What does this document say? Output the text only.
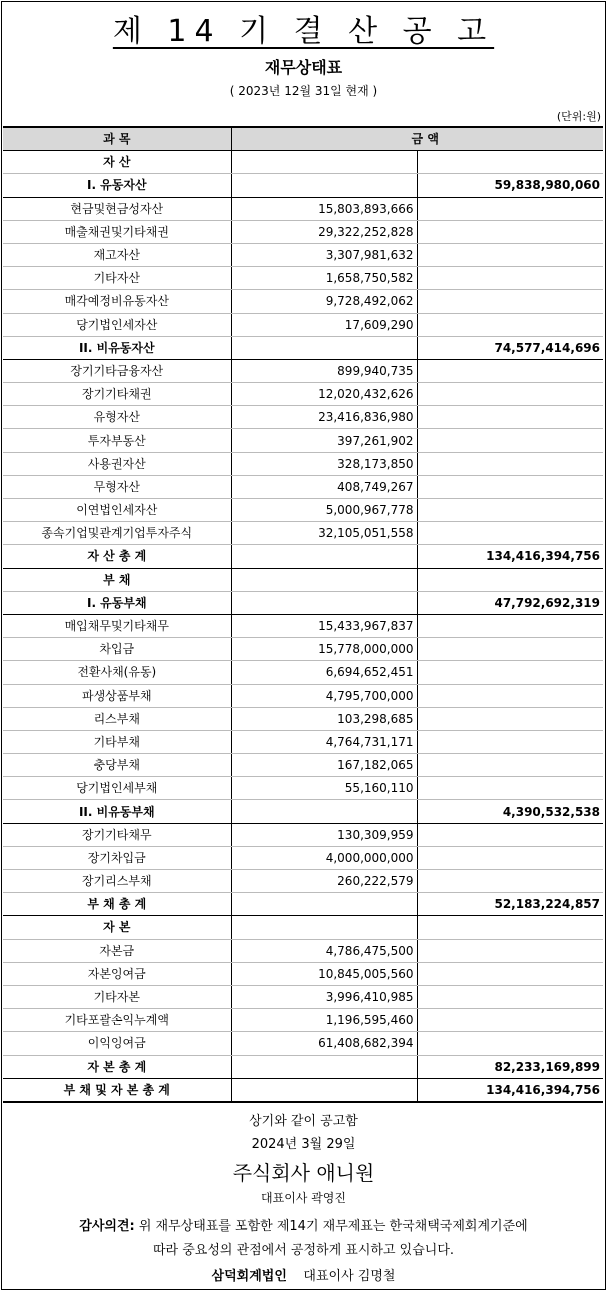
제 14 기 결 산 공 고
재무상태표
( 2023년 12월 31일 현재 )
(단위:원)
과 목	금 액	
자 산		
I. 유동자산		59,838,980,060
현금및현금성자산	15,803,893,666	
매출채권및기타채권	29,322,252,828	
재고자산	3,307,981,632	
기타자산	1,658,750,582	
매각예정비유동자산	9,728,492,062	
당기법인세자산	17,609,290	
II. 비유동자산		74,577,414,696
장기기타금융자산	899,940,735	
장기기타채권	12,020,432,626	
유형자산	23,416,836,980	
투자부동산	397,261,902	
사용권자산	328,173,850	
무형자산	408,749,267	
이연법인세자산	5,000,967,778	
종속기업및관계기업투자주식	32,105,051,558	
자 산 총 계		134,416,394,756
부 채		
I. 유동부채		47,792,692,319
매입채무및기타채무	15,433,967,837	
차입금	15,778,000,000	
전환사채(유동)	6,694,652,451	
파생상품부채	4,795,700,000	
리스부채	103,298,685	
기타부채	4,764,731,171	
충당부채	167,182,065	
당기법인세부채	55,160,110	
II. 비유동부채		4,390,532,538
장기기타채무	130,309,959	
장기차입금	4,000,000,000	
장기리스부채	260,222,579	
부 채 총 계		52,183,224,857
자 본		
자본금	4,786,475,500	
자본잉여금	10,845,005,560	
기타자본	3,996,410,985	
기타포괄손익누계액	1,196,595,460	
이익잉여금	61,408,682,394	
자 본 총 계		82,233,169,899
부 채 및 자 본 총 계		134,416,394,756
상기와 같이 공고함
2024년 3월 29일
주식회사 애니원
대표이사 곽영진
감사의견: 위 재무상태표를 포함한 제14기 재무제표는 한국채택국제회계기준에
따라 중요성의 관점에서 공정하게 표시하고 있습니다.
삼덕회계법인 대표이사 김명철
